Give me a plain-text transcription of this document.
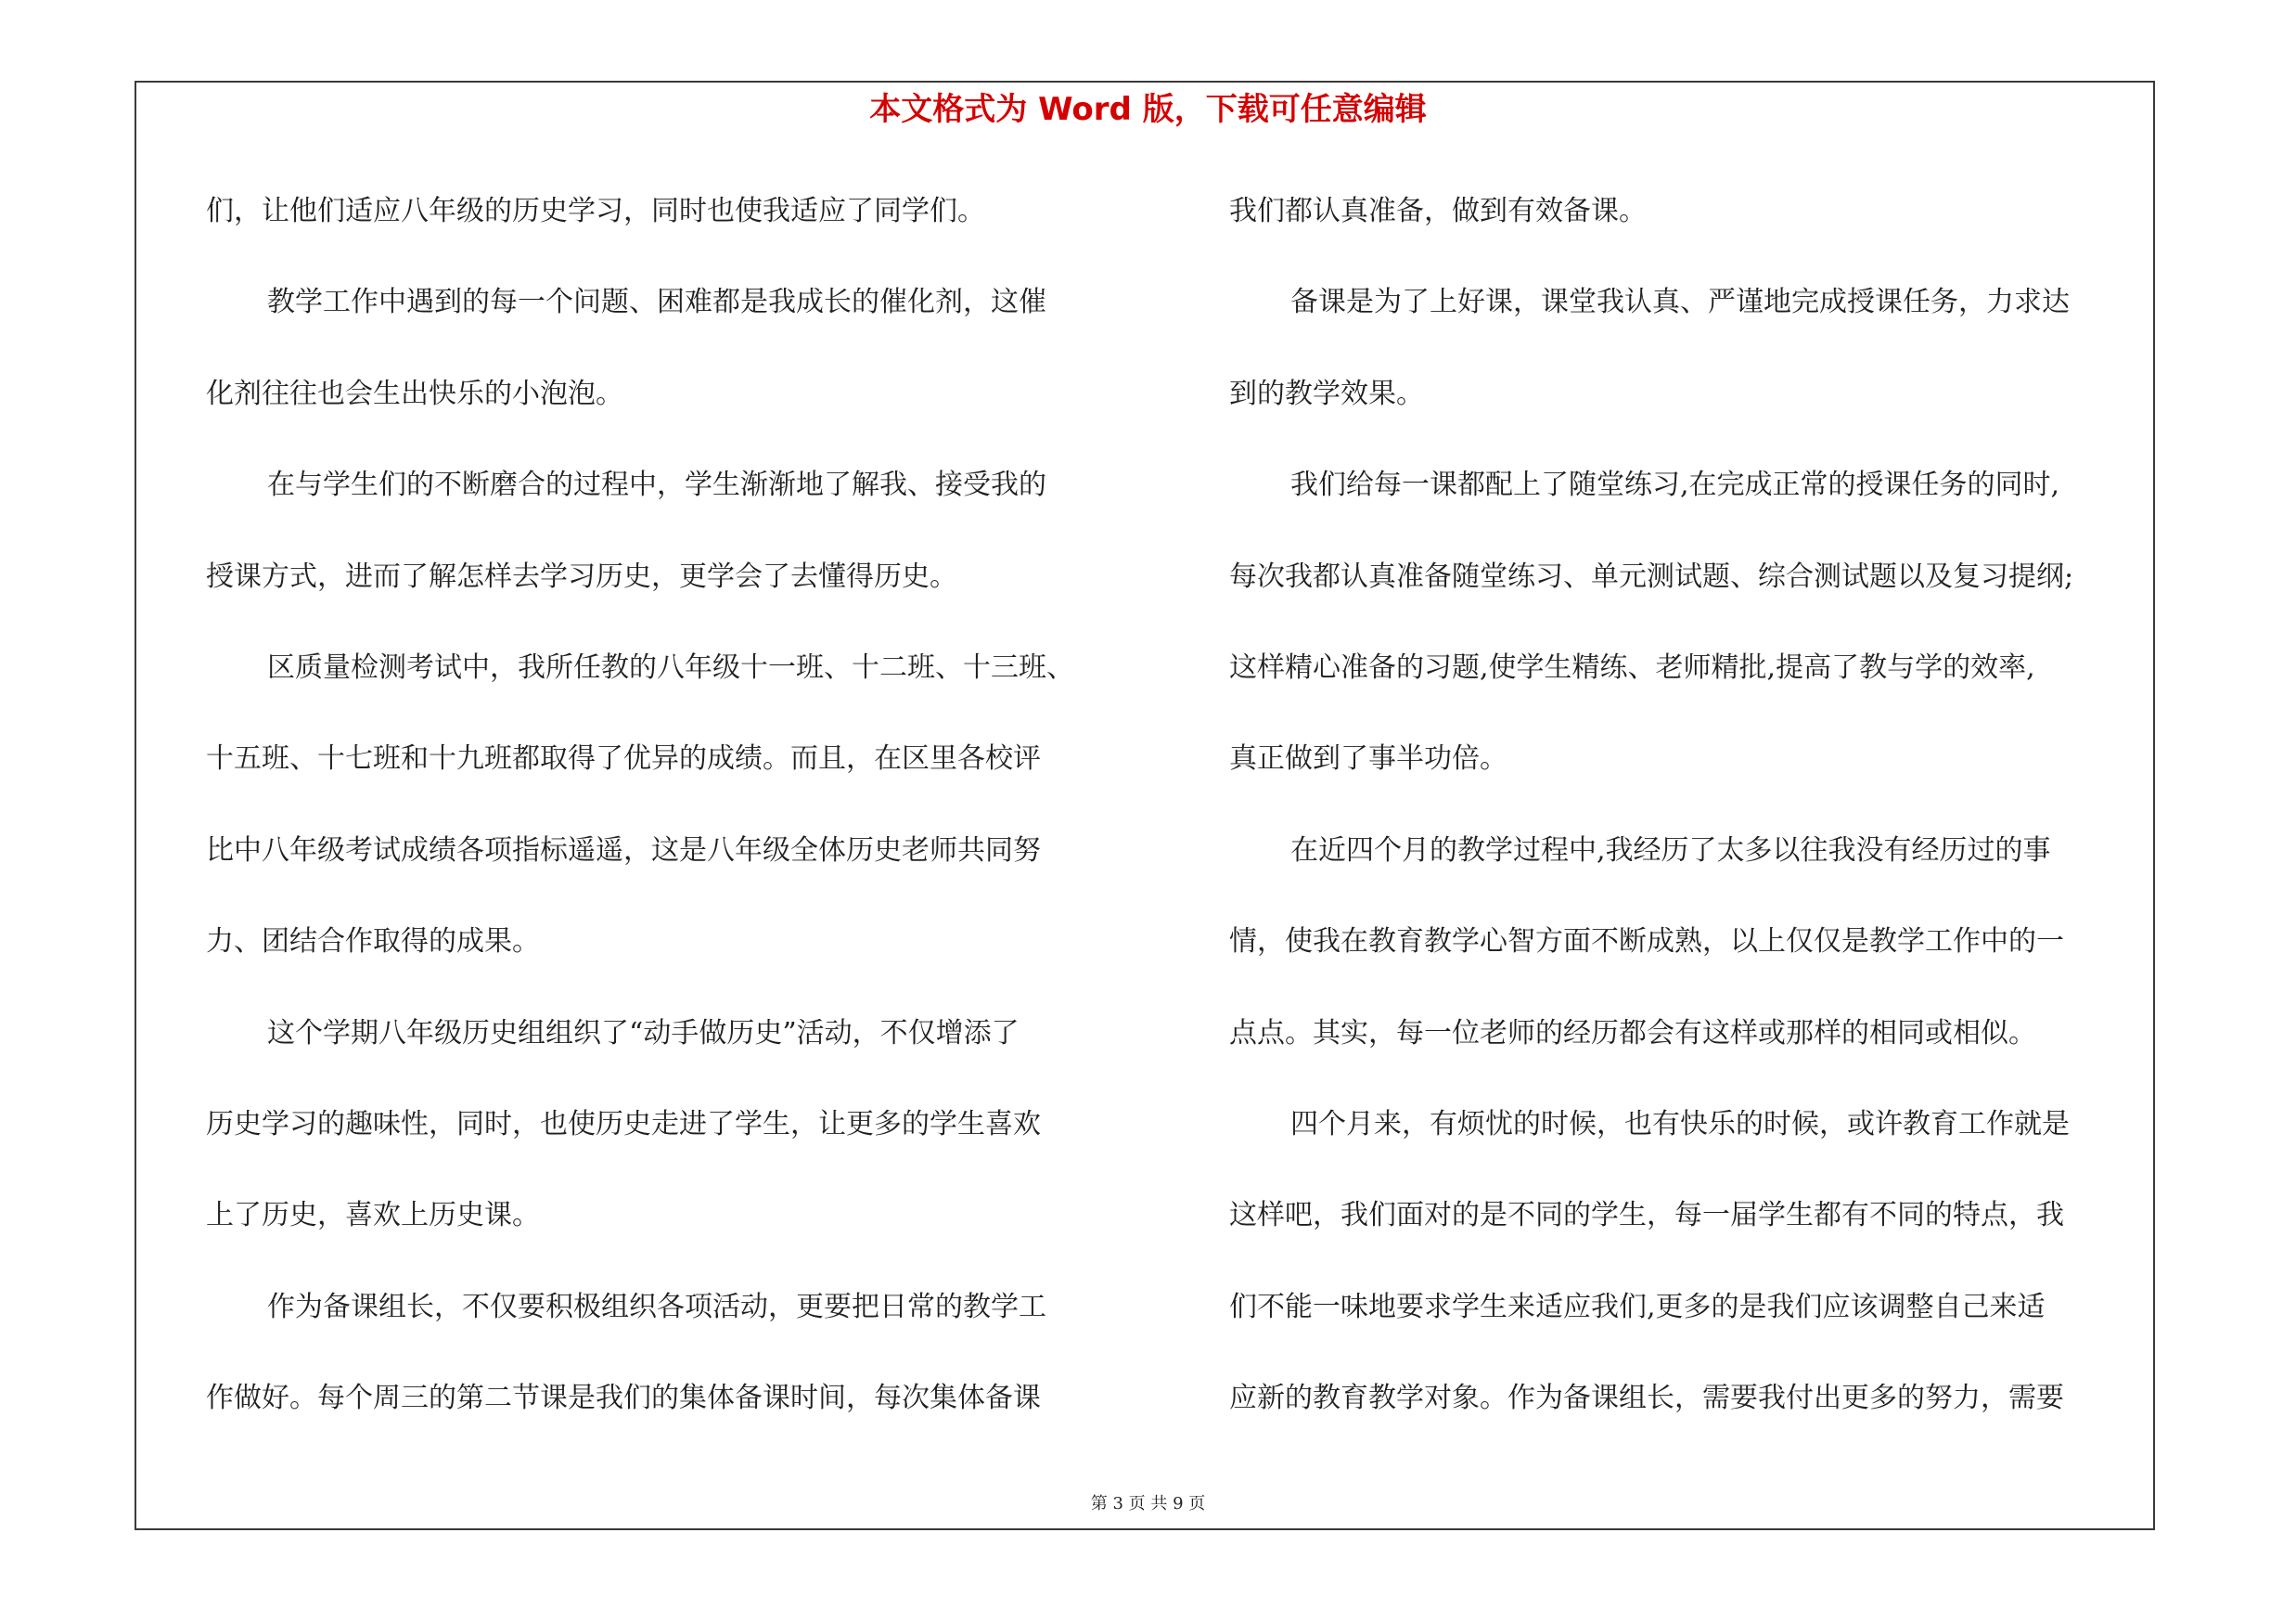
本文格式为 Word 版，下载可任意编辑

们，让他们适应八年级的历史学习，同时也使我适应了同学们。

教学工作中遇到的每一个问题、困难都是我成长的催化剂，这催

化剂往往也会生出快乐的小泡泡。

在与学生们的不断磨合的过程中，学生渐渐地了解我、接受我的

授课方式，进而了解怎样去学习历史，更学会了去懂得历史。

区质量检测考试中，我所任教的八年级十一班、十二班、十三班、

十五班、十七班和十九班都取得了优异的成绩。而且，在区里各校评

比中八年级考试成绩各项指标遥遥，这是八年级全体历史老师共同努

力、团结合作取得的成果。

这个学期八年级历史组组织了“动手做历史”活动，不仅增添了

历史学习的趣味性，同时，也使历史走进了学生，让更多的学生喜欢

上了历史，喜欢上历史课。

作为备课组长，不仅要积极组织各项活动，更要把日常的教学工

作做好。每个周三的第二节课是我们的集体备课时间，每次集体备课

我们都认真准备，做到有效备课。

备课是为了上好课，课堂我认真、严谨地完成授课任务，力求达

到的教学效果。

我们给每一课都配上了随堂练习,在完成正常的授课任务的同时,

每次我都认真准备随堂练习、单元测试题、综合测试题以及复习提纲;

这样精心准备的习题,使学生精练、老师精批,提高了教与学的效率,

真正做到了事半功倍。

在近四个月的教学过程中,我经历了太多以往我没有经历过的事

情，使我在教育教学心智方面不断成熟，以上仅仅是教学工作中的一

点点。其实，每一位老师的经历都会有这样或那样的相同或相似。

四个月来，有烦忧的时候，也有快乐的时候，或许教育工作就是

这样吧，我们面对的是不同的学生，每一届学生都有不同的特点，我

们不能一味地要求学生来适应我们,更多的是我们应该调整自己来适

应新的教育教学对象。作为备课组长，需要我付出更多的努力，需要

第 3 页 共 9 页
